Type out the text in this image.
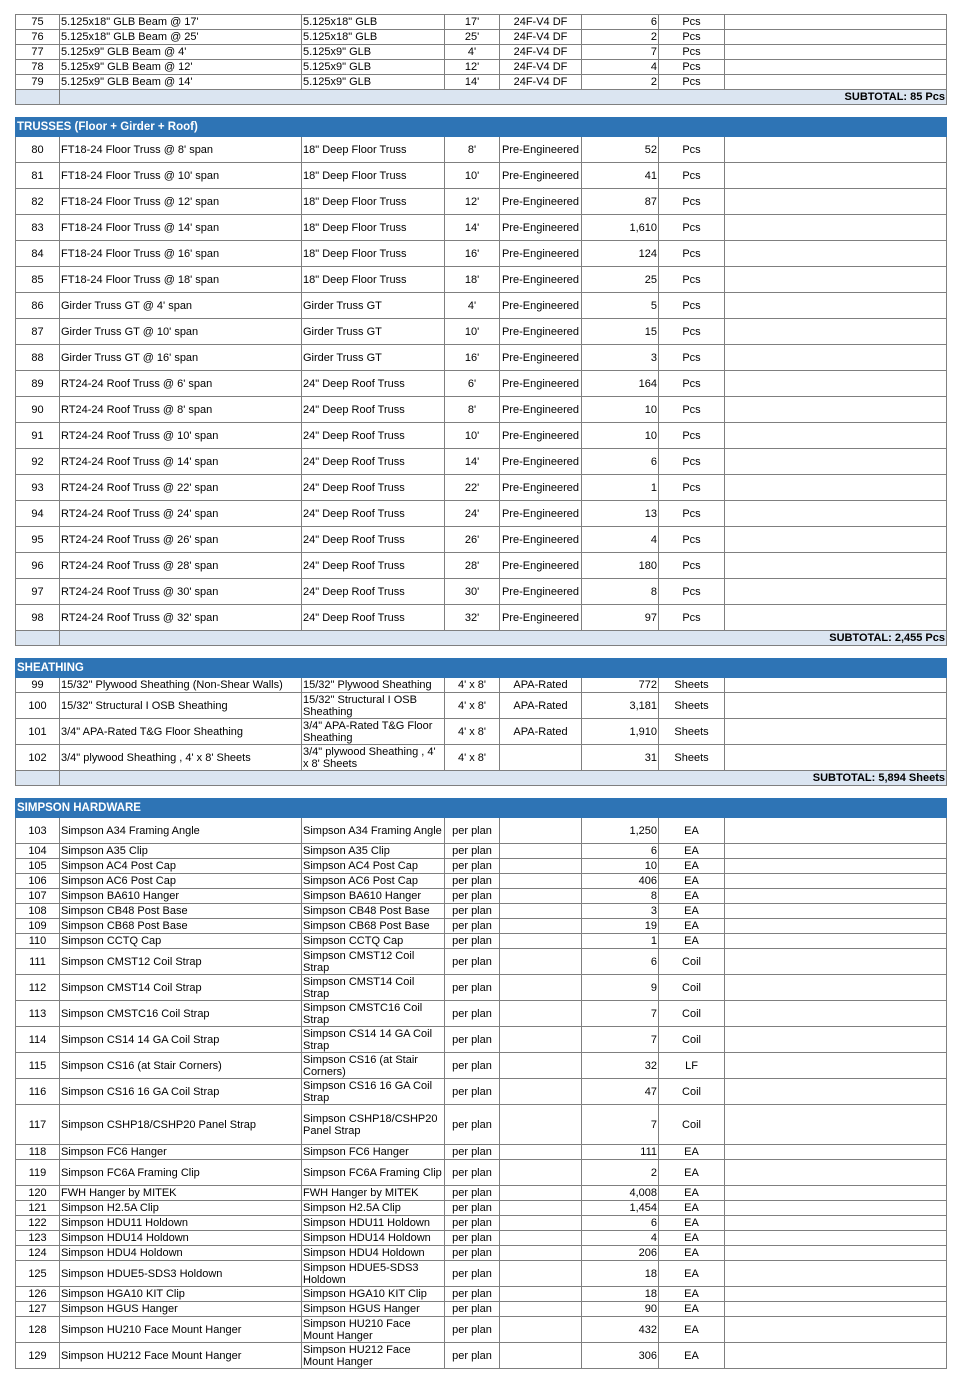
75	5.125x18" GLB Beam @ 17'	5.125x18" GLB	17'	24F-V4 DF	6	Pcs	
76	5.125x18" GLB Beam @ 25'	5.125x18" GLB	25'	24F-V4 DF	2	Pcs	
77	5.125x9" GLB Beam @ 4'	5.125x9" GLB	4'	24F-V4 DF	7	Pcs	
78	5.125x9" GLB Beam @ 12'	5.125x9" GLB	12'	24F-V4 DF	4	Pcs	
79	5.125x9" GLB Beam @ 14'	5.125x9" GLB	14'	24F-V4 DF	2	Pcs	
	SUBTOTAL: 85 Pcs						

TRUSSES (Floor + Girder + Roof)							
80	FT18-24 Floor Truss @ 8' span	18" Deep Floor Truss	8'	Pre-Engineered	52	Pcs	
81	FT18-24 Floor Truss @ 10' span	18" Deep Floor Truss	10'	Pre-Engineered	41	Pcs	
82	FT18-24 Floor Truss @ 12' span	18" Deep Floor Truss	12'	Pre-Engineered	87	Pcs	
83	FT18-24 Floor Truss @ 14' span	18" Deep Floor Truss	14'	Pre-Engineered	1,610	Pcs	
84	FT18-24 Floor Truss @ 16' span	18" Deep Floor Truss	16'	Pre-Engineered	124	Pcs	
85	FT18-24 Floor Truss @ 18' span	18" Deep Floor Truss	18'	Pre-Engineered	25	Pcs	
86	Girder Truss GT @ 4' span	Girder Truss GT	4'	Pre-Engineered	5	Pcs	
87	Girder Truss GT @ 10' span	Girder Truss GT	10'	Pre-Engineered	15	Pcs	
88	Girder Truss GT @ 16' span	Girder Truss GT	16'	Pre-Engineered	3	Pcs	
89	RT24-24 Roof Truss @ 6' span	24" Deep Roof Truss	6'	Pre-Engineered	164	Pcs	
90	RT24-24 Roof Truss @ 8' span	24" Deep Roof Truss	8'	Pre-Engineered	10	Pcs	
91	RT24-24 Roof Truss @ 10' span	24" Deep Roof Truss	10'	Pre-Engineered	10	Pcs	
92	RT24-24 Roof Truss @ 14' span	24" Deep Roof Truss	14'	Pre-Engineered	6	Pcs	
93	RT24-24 Roof Truss @ 22' span	24" Deep Roof Truss	22'	Pre-Engineered	1	Pcs	
94	RT24-24 Roof Truss @ 24' span	24" Deep Roof Truss	24'	Pre-Engineered	13	Pcs	
95	RT24-24 Roof Truss @ 26' span	24" Deep Roof Truss	26'	Pre-Engineered	4	Pcs	
96	RT24-24 Roof Truss @ 28' span	24" Deep Roof Truss	28'	Pre-Engineered	180	Pcs	
97	RT24-24 Roof Truss @ 30' span	24" Deep Roof Truss	30'	Pre-Engineered	8	Pcs	
98	RT24-24 Roof Truss @ 32' span	24" Deep Roof Truss	32'	Pre-Engineered	97	Pcs	
	SUBTOTAL: 2,455 Pcs						

SHEATHING							
99	15/32" Plywood Sheathing (Non-Shear Walls)	15/32" Plywood Sheathing	4' x 8'	APA-Rated	772	Sheets	
100	15/32" Structural I OSB Sheathing	15/32" Structural I OSB Sheathing	4' x 8'	APA-Rated	3,181	Sheets	
101	3/4" APA-Rated T&G Floor Sheathing	3/4" APA-Rated T&G Floor Sheathing	4' x 8'	APA-Rated	1,910	Sheets	
102	3/4" plywood Sheathing , 4' x 8' Sheets	3/4" plywood Sheathing , 4' x 8' Sheets	4' x 8'		31	Sheets	
	SUBTOTAL: 5,894 Sheets						

SIMPSON HARDWARE							
103	Simpson A34 Framing Angle	Simpson A34 Framing Angle	per plan		1,250	EA	
104	Simpson A35 Clip	Simpson A35 Clip	per plan		6	EA	
105	Simpson AC4 Post Cap	Simpson AC4 Post Cap	per plan		10	EA	
106	Simpson AC6 Post Cap	Simpson AC6 Post Cap	per plan		406	EA	
107	Simpson BA610 Hanger	Simpson BA610 Hanger	per plan		8	EA	
108	Simpson CB48 Post Base	Simpson CB48 Post Base	per plan		3	EA	
109	Simpson CB68 Post Base	Simpson CB68 Post Base	per plan		19	EA	
110	Simpson CCTQ Cap	Simpson CCTQ Cap	per plan		1	EA	
111	Simpson CMST12 Coil Strap	Simpson CMST12 Coil Strap	per plan		6	Coil	
112	Simpson CMST14 Coil Strap	Simpson CMST14 Coil Strap	per plan		9	Coil	
113	Simpson CMSTC16 Coil Strap	Simpson CMSTC16 Coil Strap	per plan		7	Coil	
114	Simpson CS14 14 GA Coil Strap	Simpson CS14 14 GA Coil Strap	per plan		7	Coil	
115	Simpson CS16 (at Stair Corners)	Simpson CS16 (at Stair Corners)	per plan		32	LF	
116	Simpson CS16 16 GA Coil Strap	Simpson CS16 16 GA Coil Strap	per plan		47	Coil	
117	Simpson CSHP18/CSHP20 Panel Strap	Simpson CSHP18/CSHP20 Panel Strap	per plan		7	Coil	
118	Simpson FC6 Hanger	Simpson FC6 Hanger	per plan		111	EA	
119	Simpson FC6A Framing Clip	Simpson FC6A Framing Clip	per plan		2	EA	
120	FWH Hanger by MITEK	FWH Hanger by MITEK	per plan		4,008	EA	
121	Simpson H2.5A Clip	Simpson H2.5A Clip	per plan		1,454	EA	
122	Simpson HDU11 Holdown	Simpson HDU11 Holdown	per plan		6	EA	
123	Simpson HDU14 Holdown	Simpson HDU14 Holdown	per plan		4	EA	
124	Simpson HDU4 Holdown	Simpson HDU4 Holdown	per plan		206	EA	
125	Simpson HDUE5-SDS3 Holdown	Simpson HDUE5-SDS3 Holdown	per plan		18	EA	
126	Simpson HGA10 KIT Clip	Simpson HGA10 KIT Clip	per plan		18	EA	
127	Simpson HGUS Hanger	Simpson HGUS Hanger	per plan		90	EA	
128	Simpson HU210 Face Mount Hanger	Simpson HU210 Face Mount Hanger	per plan		432	EA	
129	Simpson HU212 Face Mount Hanger	Simpson HU212 Face Mount Hanger	per plan		306	EA	
